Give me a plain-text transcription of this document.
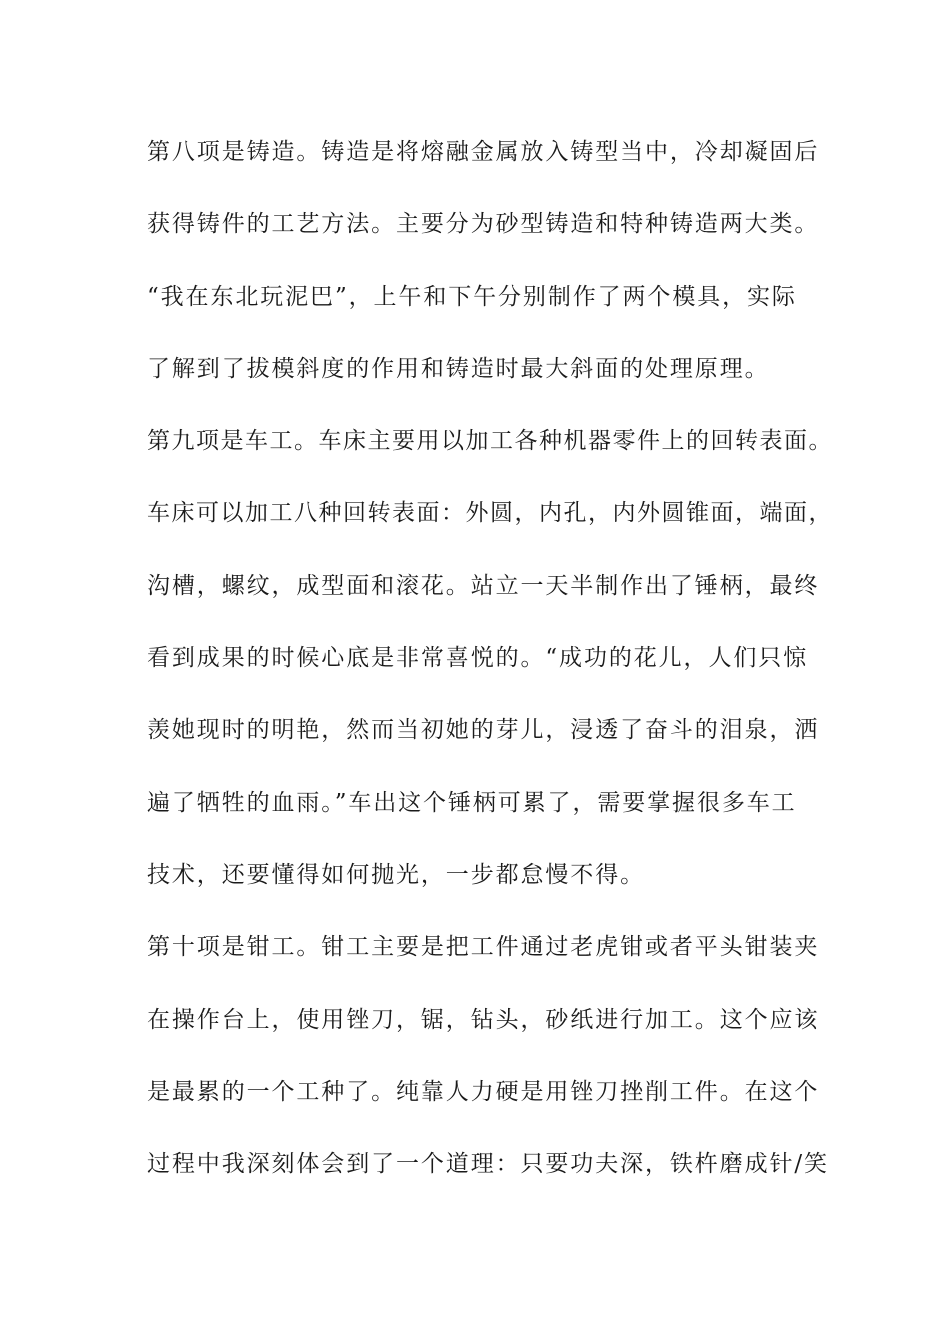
第八项是铸造。铸造是将熔融金属放入铸型当中，冷却凝固后
获得铸件的工艺方法。主要分为砂型铸造和特种铸造两大类。
“我在东北玩泥巴”，上午和下午分别制作了两个模具，实际
了解到了拔模斜度的作用和铸造时最大斜面的处理原理。
第九项是车工。车床主要用以加工各种机器零件上的回转表面。
车床可以加工八种回转表面：外圆，内孔，内外圆锥面，端面，
沟槽，螺纹，成型面和滚花。站立一天半制作出了锤柄，最终
看到成果的时候心底是非常喜悦的。“成功的花儿，人们只惊
羡她现时的明艳，然而当初她的芽儿，浸透了奋斗的泪泉，洒
遍了牺牲的血雨。”车出这个锤柄可累了，需要掌握很多车工
技术，还要懂得如何抛光，一步都怠慢不得。
第十项是钳工。钳工主要是把工件通过老虎钳或者平头钳装夹
在操作台上，使用锉刀，锯，钻头，砂纸进行加工。这个应该
是最累的一个工种了。纯靠人力硬是用锉刀挫削工件。在这个
过程中我深刻体会到了一个道理：只要功夫深，铁杵磨成针/笑
